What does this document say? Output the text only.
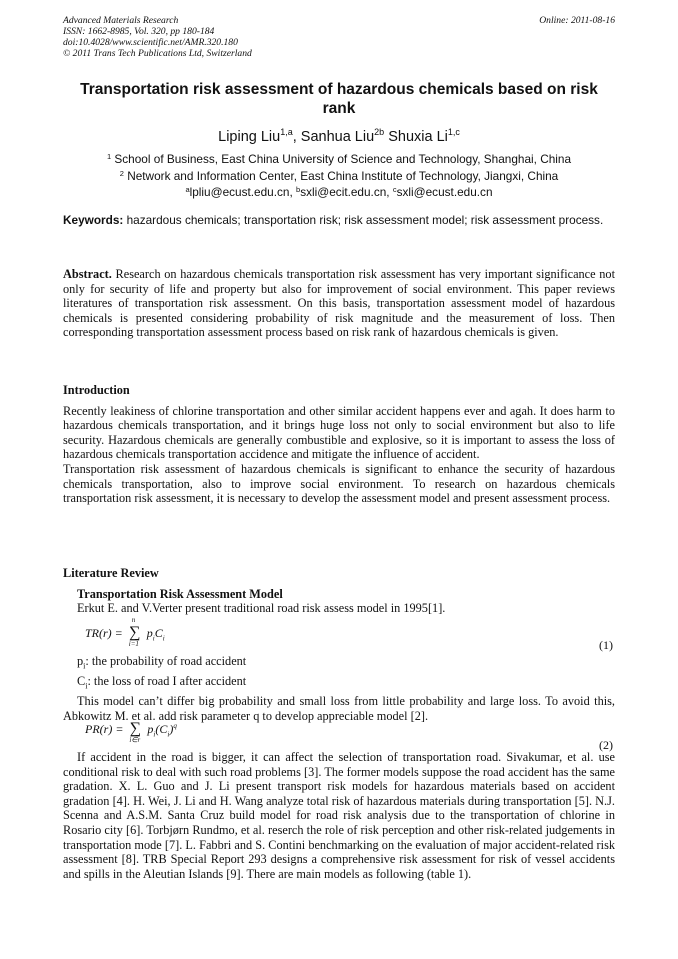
Advanced Materials Research
ISSN: 1662-8985, Vol. 320, pp 180-184
doi:10.4028/www.scientific.net/AMR.320.180
© 2011 Trans Tech Publications Ltd, Switzerland
Online: 2011-08-16
Transportation risk assessment of hazardous chemicals based on risk rank
Liping Liu$^{1,a}$, Sanhua Liu$^{2b}$ Shuxia Li$^{1,c}$
$^1$ School of Business, East China University of Science and Technology, Shanghai, China
$^2$ Network and Information Center, East China Institute of Technology, Jiangxi, China
$^a$lpliu@ecust.edu.cn, $^b$sxli@ecit.edu.cn, $^c$sxli@ecust.edu.cn
Keywords: hazardous chemicals; transportation risk; risk assessment model; risk assessment process.

Abstract. Research on hazardous chemicals transportation risk assessment has very important significance not only for security of life and property but also for improvement of social environment. This paper reviews literatures of transportation risk assessment. On this basis, transportation assessment model of hazardous chemicals is presented considering probability of risk magnitude and the measurement of loss. Then corresponding transportation assessment process based on risk rank of hazardous chemicals is given.

Introduction

Recently leakiness of chlorine transportation and other similar accident happens ever and agah. It does harm to hazardous chemicals transportation, and it brings huge loss not only to social environment but also to life security. Hazardous chemicals are generally combustible and explosive, so it is important to assess the loss of hazardous chemicals transportation accidence and mitigate the influence of accident.

Transportation risk assessment of hazardous chemicals is significant to enhance the security of hazardous chemicals transportation, also to improve social environment. To research on hazardous chemicals transportation risk assessment, it is necessary to develop the assessment model and present assessment process.

Literature Review

Transportation Risk Assessment Model

Erkut E. and V.Verter present traditional road risk assess model in 1995[1].

TR(r) =
n
∑
i=1
$p_iC_i$	(1)

$p_i$: the probability of road accident

$C_i$: the loss of road I after accident

This model can’t differ big probability and small loss from little probability and large loss. To avoid this, Abkowitz M. et al. add risk parameter q to develop appreciable model [2].

PR(r) = ∑
i∈r
$p_i(C_i)^q$
(2)

If accident in the road is bigger, it can affect the selection of transportation road. Sivakumar, et al. use conditional risk to deal with such road problems [3]. The former models suppose the road accident has the same gradation. X. L. Guo and J. Li present transport risk models for hazardous materials based on accident gradation [4]. H. Wei, J. Li and H. Wang analyze total risk of hazardous materials during transportation [5]. N.J. Scenna and A.S.M. Santa Cruz build model for road risk analysis due to the transportation of chlorine in Rosario city [6]. Torbjørn Rundmo, et al. reserch the role of risk perception and other risk-related judgements in transportation mode [7]. L. Fabbri and S. Contini benchmarking on the evaluation of major accident-related risk assessment [8]. TRB Special Report 293 designs a comprehensive risk assessment for risk of vessel accidents and spills in the Aleutian Islands [9]. There are main models as following (table 1).
